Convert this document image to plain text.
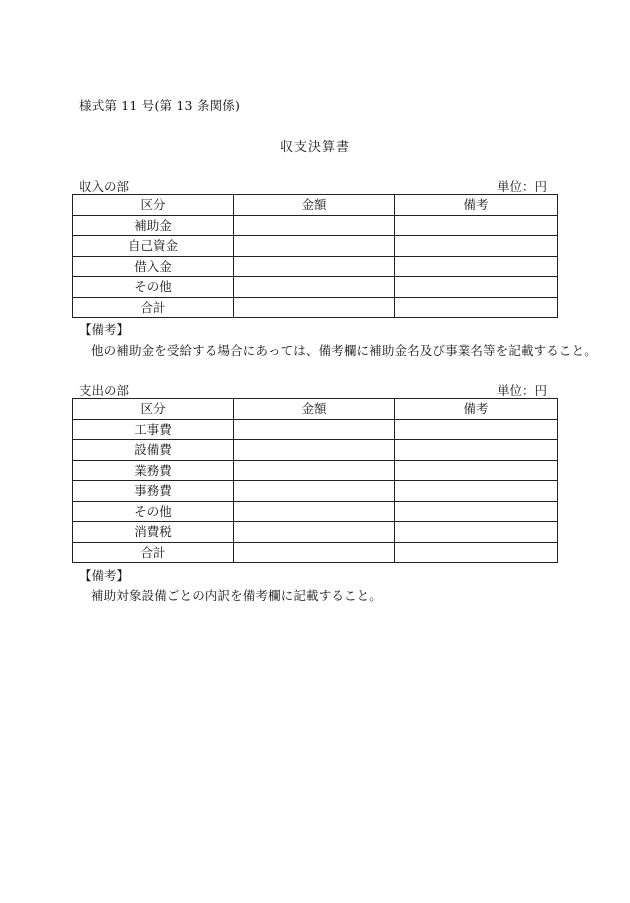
様式第 11 号(第 13 条関係)
収支決算書
収入の部	単位：円
区分	金額	備考
補助金		
自己資金		
借入金		
その他		
合計		
【備考】
他の補助金を受給する場合にあっては、備考欄に補助金名及び事業名等を記載すること。
支出の部	単位：円
区分	金額	備考
工事費		
設備費		
業務費		
事務費		
その他		
消費税		
合計		
【備考】
補助対象設備ごとの内訳を備考欄に記載すること。
